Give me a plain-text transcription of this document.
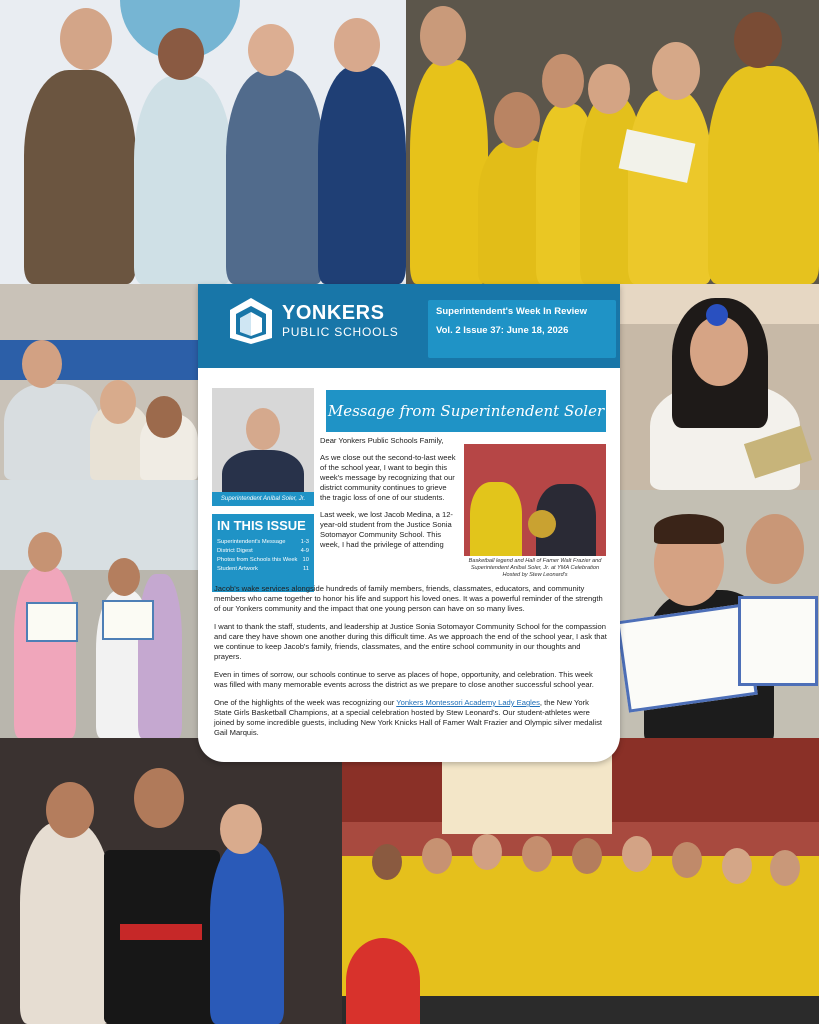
YONKERS
PUBLIC SCHOOLS
Superintendent's Week In Review
Vol. 2 Issue 37: June 18, 2026
Superintendent Aníbal Soler, Jr.
IN THIS ISSUE
Superintendent's Message	1-3
District Digest	4-9
Photos from Schools this Week 10
Student Artwork	11
Message from Superintendent Soler

Dear Yonkers Public Schools Family,

As we close out the second-to-last week of the school year, I want to begin this week's message by recognizing that our district community continues to grieve the tragic loss of one of our students.

Last week, we lost Jacob Medina, a 12-year-old student from the Justice Sonia Sotomayor Community School. This week, I had the privilege of attending

Basketball legend and Hall of Famer Walt Frazier and Superintendent Aníbal Soler, Jr. at YMA Celebration Hosted by Stew Leonard's

Jacob's wake services alongside hundreds of family members, friends, classmates, educators, and community members who came together to honor his life and support his loved ones. It was a powerful reminder of the strength of our Yonkers community and the impact that one young person can have on so many lives.

I want to thank the staff, students, and leadership at Justice Sonia Sotomayor Community School for the compassion and care they have shown one another during this difficult time. As we approach the end of the school year, I ask that we continue to keep Jacob's family, friends, classmates, and the entire school community in our thoughts and prayers.

Even in times of sorrow, our schools continue to serve as places of hope, opportunity, and celebration. This week was filled with many memorable events across the district as we prepare to close another successful school year.

One of the highlights of the week was recognizing our Yonkers Montessori Academy Lady Eagles, the New York State Girls Basketball Champions, at a special celebration hosted by Stew Leonard's. Our student-athletes were joined by some incredible guests, including New York Knicks Hall of Famer Walt Frazier and Olympic silver medalist Gail Marquis.
